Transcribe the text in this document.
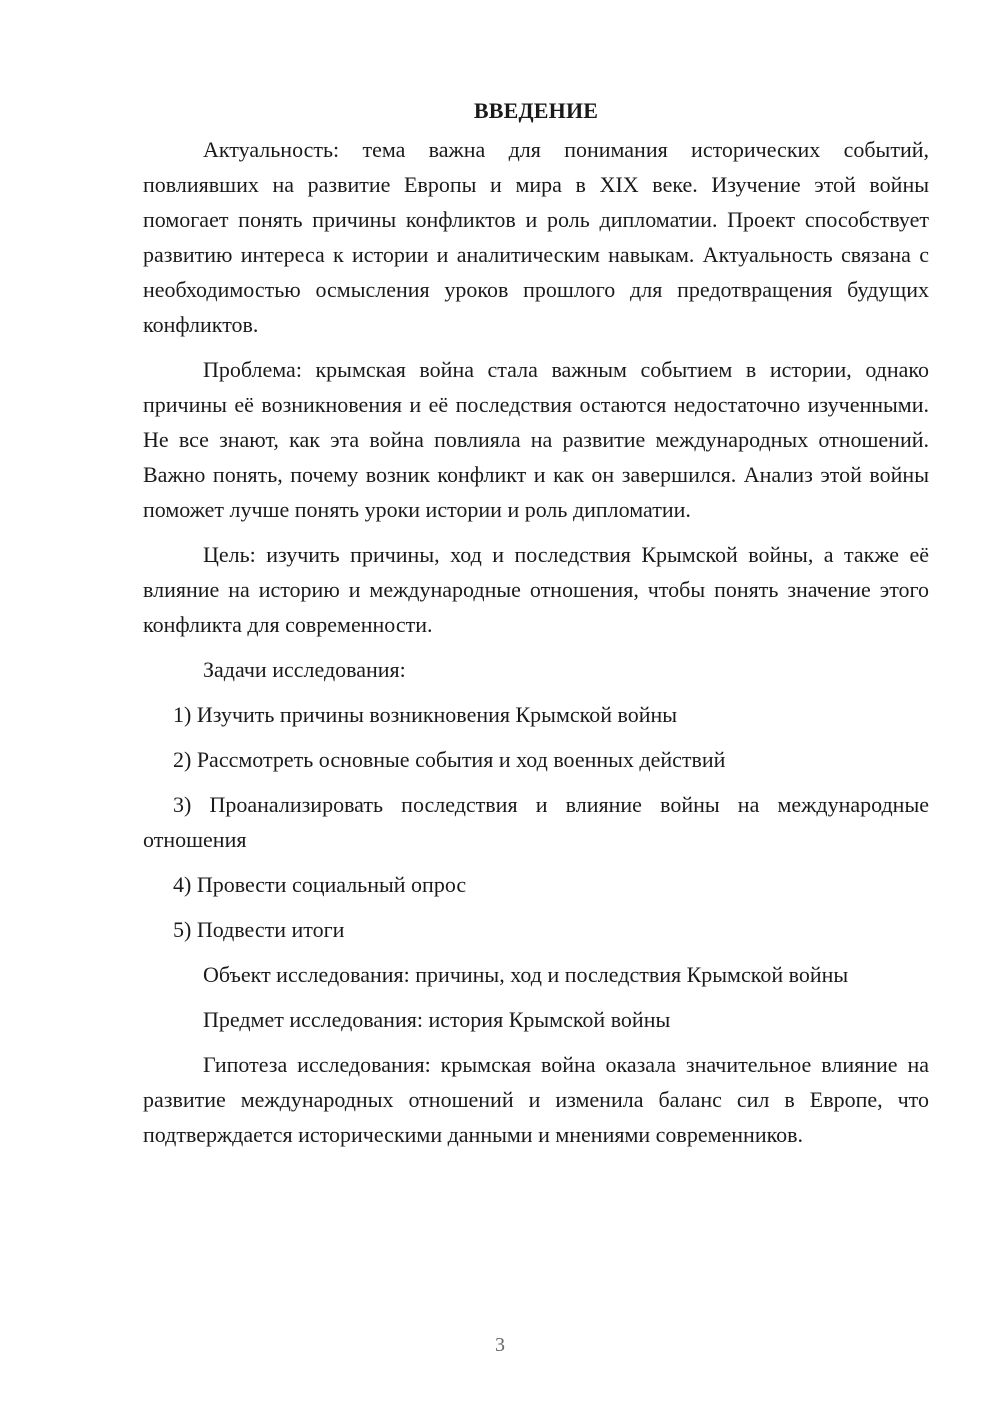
ВВЕДЕНИЕ

Актуальность: тема важна для понимания исторических событий, повлиявших на развитие Европы и мира в XIX веке. Изучение этой войны помогает понять причины конфликтов и роль дипломатии. Проект способствует развитию интереса к истории и аналитическим навыкам. Актуальность связана с необходимостью осмысления уроков прошлого для предотвращения будущих конфликтов.

Проблема: крымская война стала важным событием в истории, однако причины её возникновения и её последствия остаются недостаточно изученными. Не все знают, как эта война повлияла на развитие международных отношений. Важно понять, почему возник конфликт и как он завершился. Анализ этой войны поможет лучше понять уроки истории и роль дипломатии.

Цель: изучить причины, ход и последствия Крымской войны, а также её влияние на историю и международные отношения, чтобы понять значение этого конфликта для современности.

Задачи исследования:

1) Изучить причины возникновения Крымской войны

2) Рассмотреть основные события и ход военных действий

3) Проанализировать последствия и влияние войны на международные отношения

4) Провести социальный опрос

5) Подвести итоги

Объект исследования: причины, ход и последствия Крымской войны

Предмет исследования: история Крымской войны

Гипотеза исследования: крымская война оказала значительное влияние на развитие международных отношений и изменила баланс сил в Европе, что подтверждается историческими данными и мнениями современников.

3
